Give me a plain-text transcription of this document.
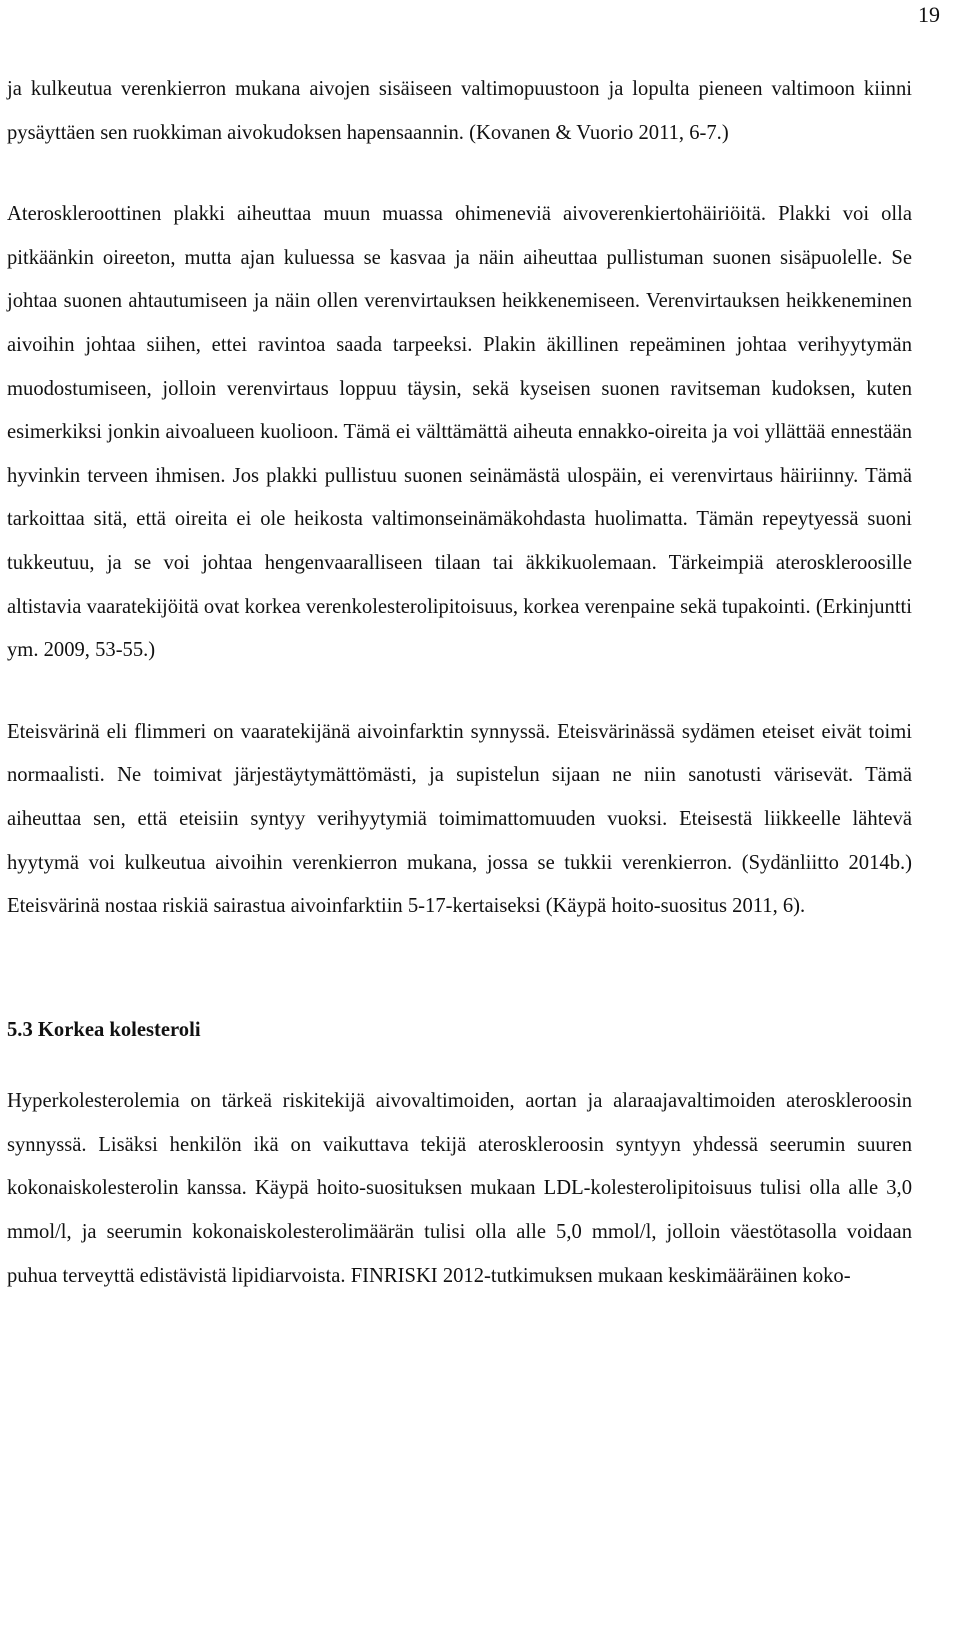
19

ja kulkeutua verenkierron mukana aivojen sisäiseen valtimopuustoon ja lopulta pieneen valtimoon kiinni pysäyttäen sen ruokkiman aivokudoksen hapensaannin. (Kovanen & Vuorio 2011, 6-7.)

Ateroskleroottinen plakki aiheuttaa muun muassa ohimeneviä aivoverenkiertohäiriöitä. Plakki voi olla pitkäänkin oireeton, mutta ajan kuluessa se kasvaa ja näin aiheuttaa pullistuman suonen sisäpuolelle. Se johtaa suonen ahtautumiseen ja näin ollen verenvirtauksen heikkenemiseen. Verenvirtauksen heikkeneminen aivoihin johtaa siihen, ettei ravintoa saada tarpeeksi. Plakin äkillinen repeäminen johtaa verihyytymän muodostumiseen, jolloin verenvirtaus loppuu täysin, sekä kyseisen suonen ravitseman kudoksen, kuten esimerkiksi jonkin aivoalueen kuolioon. Tämä ei välttämättä aiheuta ennakko-oireita ja voi yllättää ennestään hyvinkin terveen ihmisen. Jos plakki pullistuu suonen seinämästä ulospäin, ei verenvirtaus häiriinny. Tämä tarkoittaa sitä, että oireita ei ole heikosta valtimonseinämäkohdasta huolimatta. Tämän repeytyessä suoni tukkeutuu, ja se voi johtaa hengenvaaralliseen tilaan tai äkkikuolemaan. Tärkeimpiä ateroskleroosille altistavia vaaratekijöitä ovat korkea verenkolesterolipitoisuus, korkea verenpaine sekä tupakointi. (Erkinjuntti ym. 2009, 53-55.)

Eteisvärinä eli flimmeri on vaaratekijänä aivoinfarktin synnyssä. Eteisvärinässä sydämen eteiset eivät toimi normaalisti. Ne toimivat järjestäytymättömästi, ja supistelun sijaan ne niin sanotusti värisevät. Tämä aiheuttaa sen, että eteisiin syntyy verihyytymiä toimimattomuuden vuoksi. Eteisestä liikkeelle lähtevä hyytymä voi kulkeutua aivoihin verenkierron mukana, jossa se tukkii verenkierron. (Sydänliitto 2014b.) Eteisvärinä nostaa riskiä sairastua aivoinfarktiin 5-17-kertaiseksi (Käypä hoito-suositus 2011, 6).

5.3 Korkea kolesteroli

Hyperkolesterolemia on tärkeä riskitekijä aivovaltimoiden, aortan ja alaraajavaltimoiden ateroskleroosin synnyssä. Lisäksi henkilön ikä on vaikuttava tekijä ateroskleroosin syntyyn yhdessä seerumin suuren kokonaiskolesterolin kanssa. Käypä hoito-suosituksen mukaan LDL-kolesterolipitoisuus tulisi olla alle 3,0 mmol/l, ja seerumin kokonaiskolesterolimäärän tulisi olla alle 5,0 mmol/l, jolloin väestötasolla voidaan puhua terveyttä edistävistä lipidiarvoista. FINRISKI 2012-tutkimuksen mukaan keskimääräinen koko-
